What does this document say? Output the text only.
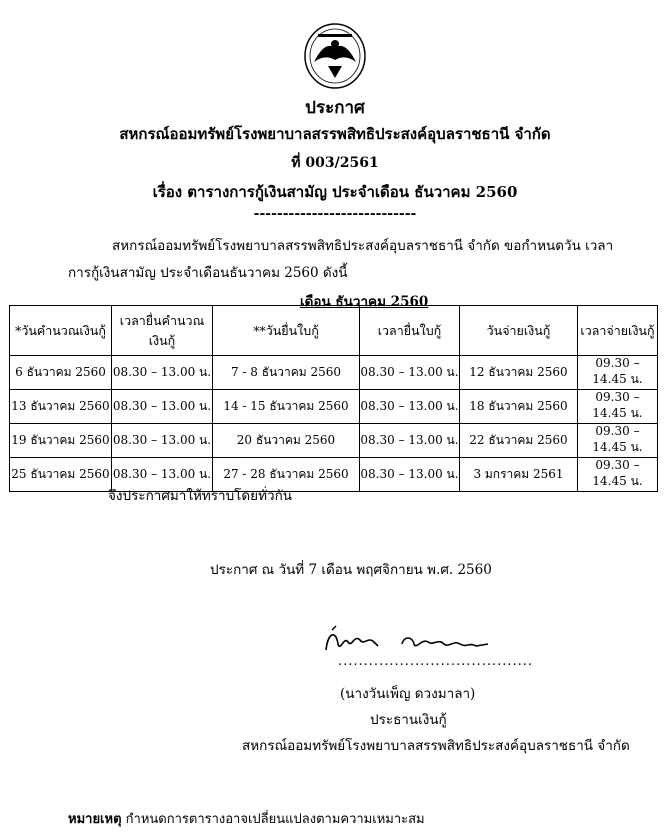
ประกาศ
สหกรณ์ออมทรัพย์โรงพยาบาลสรรพสิทธิประสงค์อุบลราชธานี จำกัด
ที่ 003/2561
เรื่อง ตารางการกู้เงินสามัญ ประจำเดือน ธันวาคม 2560
----------------------------
สหกรณ์ออมทรัพย์โรงพยาบาลสรรพสิทธิประสงค์อุบลราชธานี จำกัด ขอกำหนดวัน เวลา
การกู้เงินสามัญ ประจำเดือนธันวาคม 2560 ดังนี้
เดือน ธันวาคม 2560
*วันคำนวณเงินกู้	เวลายื่นคำนวณเงินกู้	**วันยื่นใบกู้	เวลายื่นใบกู้	วันจ่ายเงินกู้	เวลาจ่ายเงินกู้
6 ธันวาคม 2560	08.30 – 13.00 น.	7 - 8 ธันวาคม 2560	08.30 – 13.00 น.	12 ธันวาคม 2560	09.30 – 14.45 น.
13 ธันวาคม 2560	08.30 – 13.00 น.	14 - 15 ธันวาคม 2560	08.30 – 13.00 น.	18 ธันวาคม 2560	09.30 – 14.45 น.
19 ธันวาคม 2560	08.30 – 13.00 น.	20 ธันวาคม 2560	08.30 – 13.00 น.	22 ธันวาคม 2560	09.30 – 14.45 น.
25 ธันวาคม 2560	08.30 – 13.00 น.	27 - 28 ธันวาคม 2560	08.30 – 13.00 น.	3 มกราคม 2561	09.30 – 14.45 น.
จึงประกาศมาให้ทราบโดยทั่วกัน
ประกาศ ณ วันที่ 7 เดือน พฤศจิกายน พ.ศ. 2560
......................................
(นางวันเพ็ญ ดวงมาลา)
ประธานเงินกู้
สหกรณ์ออมทรัพย์โรงพยาบาลสรรพสิทธิประสงค์อุบลราชธานี จำกัด
หมายเหตุ กำหนดการตารางอาจเปลี่ยนแปลงตามความเหมาะสม
